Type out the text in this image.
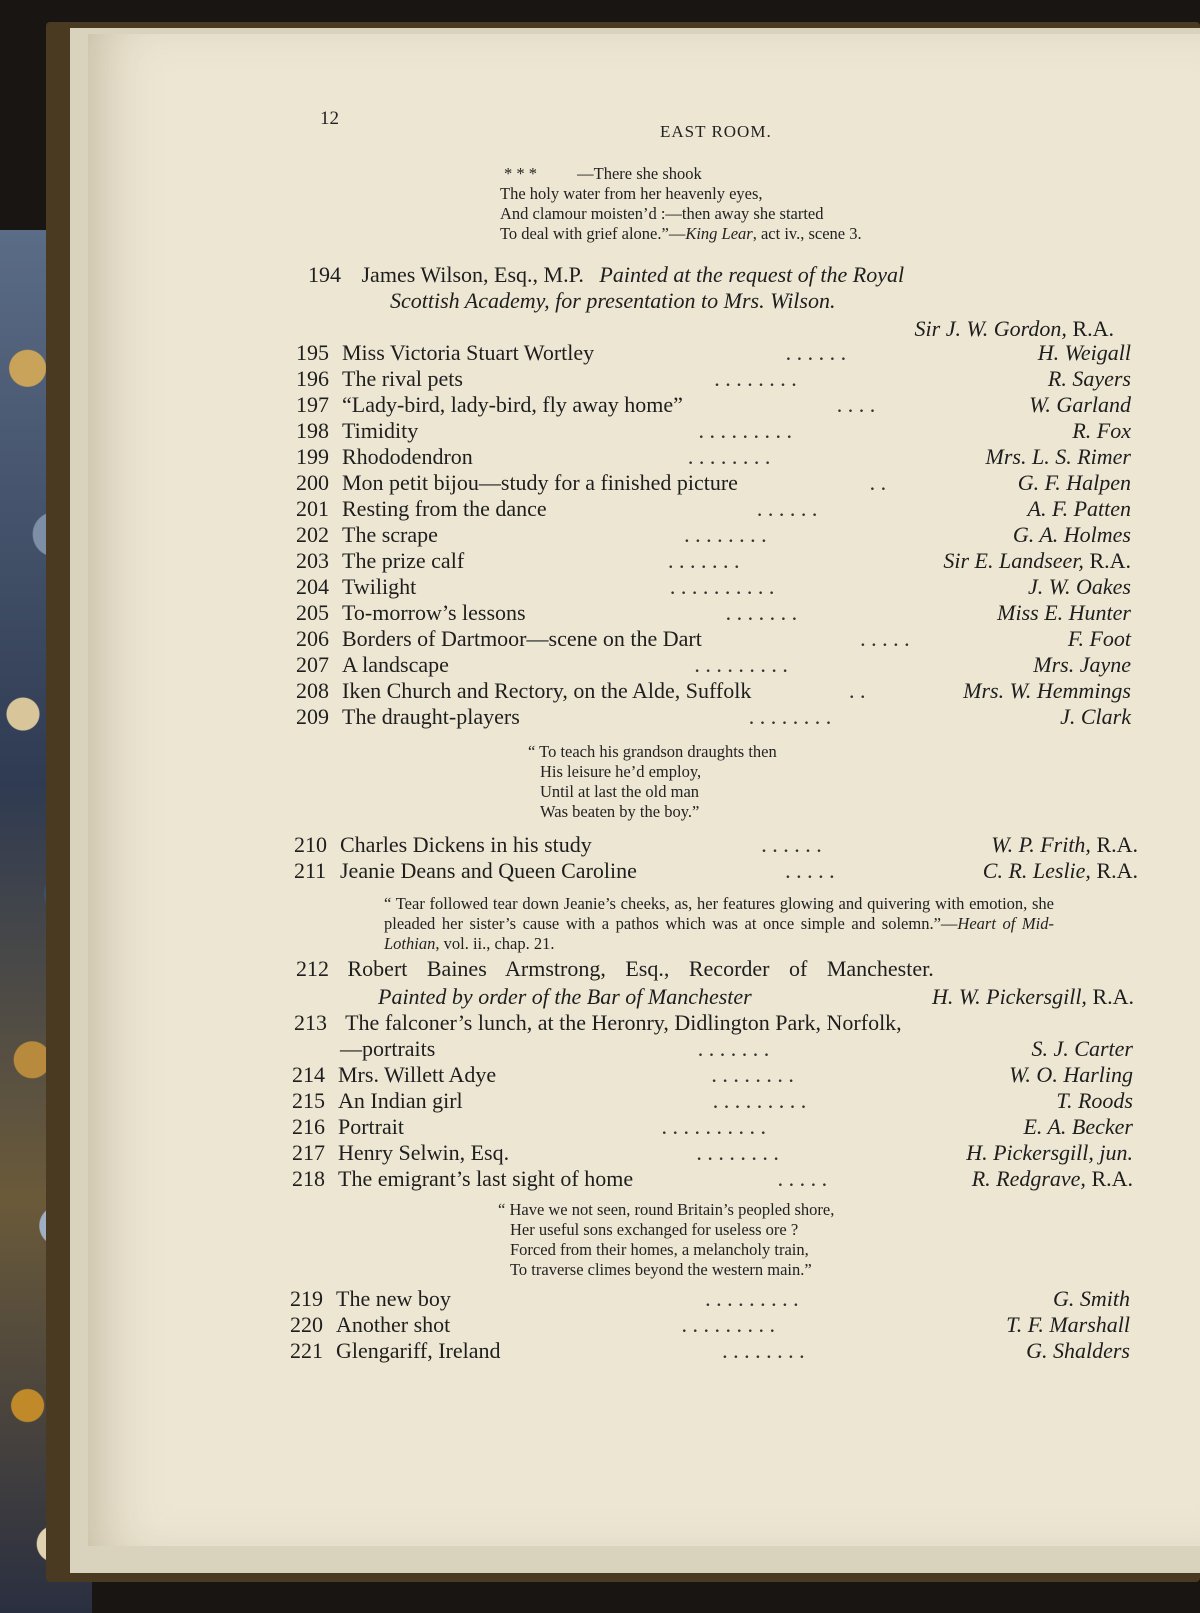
12
EAST ROOM.
* * * —There she shook
The holy water from her heavenly eyes,
And clamour moisten’d :—then away she started
To deal with grief alone.”—King Lear, act iv., scene 3.
194 James Wilson, Esq., M.P. Painted at the request of the Royal
Scottish Academy, for presentation to Mrs. Wilson.
Sir J. W. Gordon, R.A.
195 Miss Victoria Stuart Wortley	. . . . . .	H. Weigall
196 The rival pets	. . . . . . . .	R. Sayers
197 “Lady-bird, lady-bird, fly away home”	. . . .	W. Garland
198 Timidity	. . . . . . . . .	R. Fox
199 Rhododendron	. . . . . . . .	Mrs. L. S. Rimer
200 Mon petit bijou—study for a finished picture	. .	G. F. Halpen
201 Resting from the dance	. . . . . .	A. F. Patten
202 The scrape	. . . . . . . .	G. A. Holmes
203 The prize calf	. . . . . . .	Sir E. Landseer, R.A.
204 Twilight	. . . . . . . . . .	J. W. Oakes
205 To-morrow’s lessons	. . . . . . .	Miss E. Hunter
206 Borders of Dartmoor—scene on the Dart	. . . . .	F. Foot
207 A landscape	. . . . . . . . .	Mrs. Jayne
208 Iken Church and Rectory, on the Alde, Suffolk	. .	Mrs. W. Hemmings
209 The draught-players	. . . . . . . .	J. Clark
“ To teach his grandson draughts then
His leisure he’d employ,
Until at last the old man
Was beaten by the boy.”
210 Charles Dickens in his study	. . . . . .	W. P. Frith, R.A.
211 Jeanie Deans and Queen Caroline	. . . . .	C. R. Leslie, R.A.
“ Tear followed tear down Jeanie’s cheeks, as, her features glowing and quivering with emotion, she pleaded her sister’s cause with a pathos which was at once simple and solemn.”—Heart of Mid-Lothian, vol. ii., chap. 21.
212 Robert Baines Armstrong, Esq., Recorder of Manchester.
Painted by order of the Bar of Manchester	H. W. Pickersgill, R.A.
213 The falconer’s lunch, at the Heronry, Didlington Park, Norfolk,
—portraits	. . . . . . .	S. J. Carter
214 Mrs. Willett Adye	. . . . . . . .	W. O. Harling
215 An Indian girl	. . . . . . . . .	T. Roods
216 Portrait	. . . . . . . . . .	E. A. Becker
217 Henry Selwin, Esq.	. . . . . . . .	H. Pickersgill, jun.
218 The emigrant’s last sight of home	. . . . .	R. Redgrave, R.A.
“ Have we not seen, round Britain’s peopled shore,
Her useful sons exchanged for useless ore ?
Forced from their homes, a melancholy train,
To traverse climes beyond the western main.”
219 The new boy	. . . . . . . . .	G. Smith
220 Another shot	. . . . . . . . .	T. F. Marshall
221 Glengariff, Ireland	. . . . . . . .	G. Shalders
